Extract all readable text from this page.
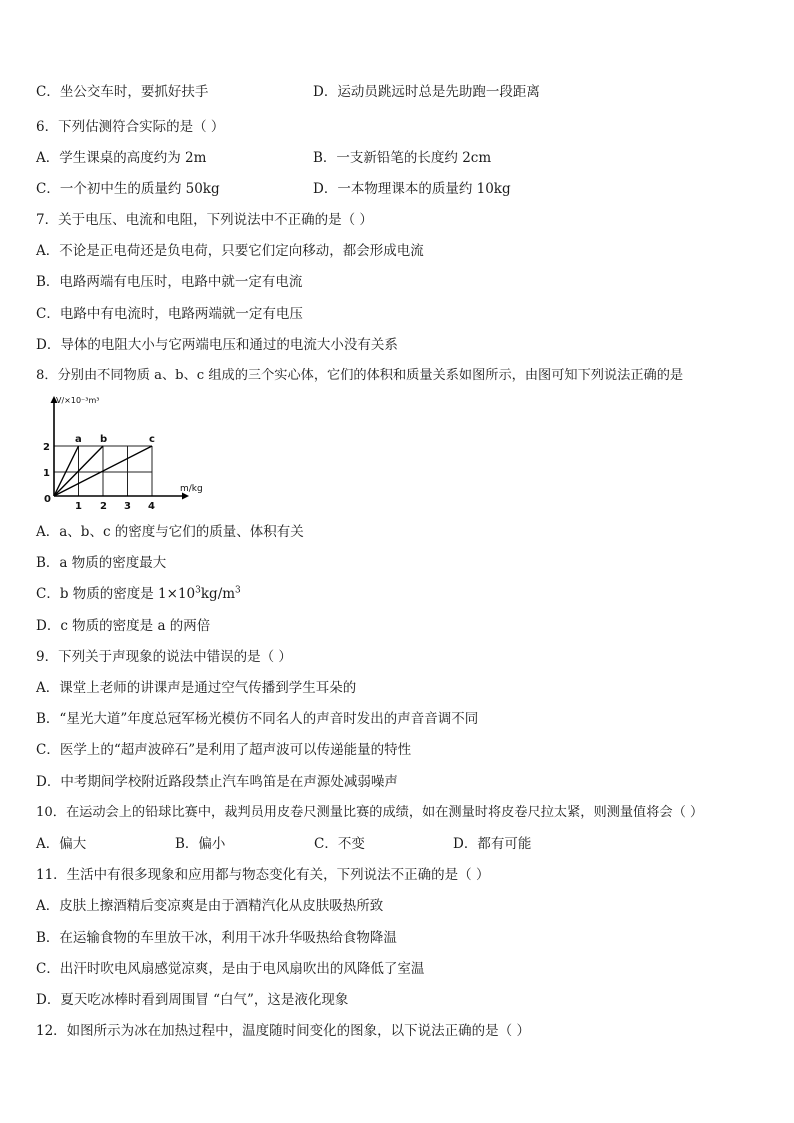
C．坐公交车时，要抓好扶手	D．运动员跳远时总是先助跑一段距离
6．下列估测符合实际的是（ ）
A．学生课桌的高度约为 2m	B．一支新铅笔的长度约 2cm
C．一个初中生的质量约 50kg	D．一本物理课本的质量约 10kg
7．关于电压、电流和电阻，下列说法中不正确的是（ ）
A．不论是正电荷还是负电荷，只要它们定向移动，都会形成电流
B．电路两端有电压时，电路中就一定有电流
C．电路中有电流时，电路两端就一定有电压
D．导体的电阻大小与它两端电压和通过的电流大小没有关系
8．分别由不同物质 a、b、c 组成的三个实心体，它们的体积和质量关系如图所示，由图可知下列说法正确的是
V/×10⁻³m³
m/kg
0
2
1
1 2 3 4
a b	c
A．a、b、c 的密度与它们的质量、体积有关
B．a 物质的密度最大
C．b 物质的密度是 $1\times 10^3kg/m^3$
D．c 物质的密度是 a 的两倍
9．下列关于声现象的说法中错误的是（ ）
A．课堂上老师的讲课声是通过空气传播到学生耳朵的
B．“星光大道”年度总冠军杨光模仿不同名人的声音时发出的声音音调不同
C．医学上的“超声波碎石”是利用了超声波可以传递能量的特性
D．中考期间学校附近路段禁止汽车鸣笛是在声源处减弱噪声
10．在运动会上的铅球比赛中，裁判员用皮卷尺测量比赛的成绩，如在测量时将皮卷尺拉太紧，则测量值将会（ ）
A．偏大	B．偏小	C．不变	D．都有可能
11．生活中有很多现象和应用都与物态变化有关，下列说法不正确的是（ ）
A．皮肤上擦酒精后变凉爽是由于酒精汽化从皮肤吸热所致
B．在运输食物的车里放干冰，利用干冰升华吸热给食物降温
C．出汗时吹电风扇感觉凉爽，是由于电风扇吹出的风降低了室温
D．夏天吃冰棒时看到周围冒 “白气”，这是液化现象
12．如图所示为冰在加热过程中，温度随时间变化的图象，以下说法正确的是（ ）
